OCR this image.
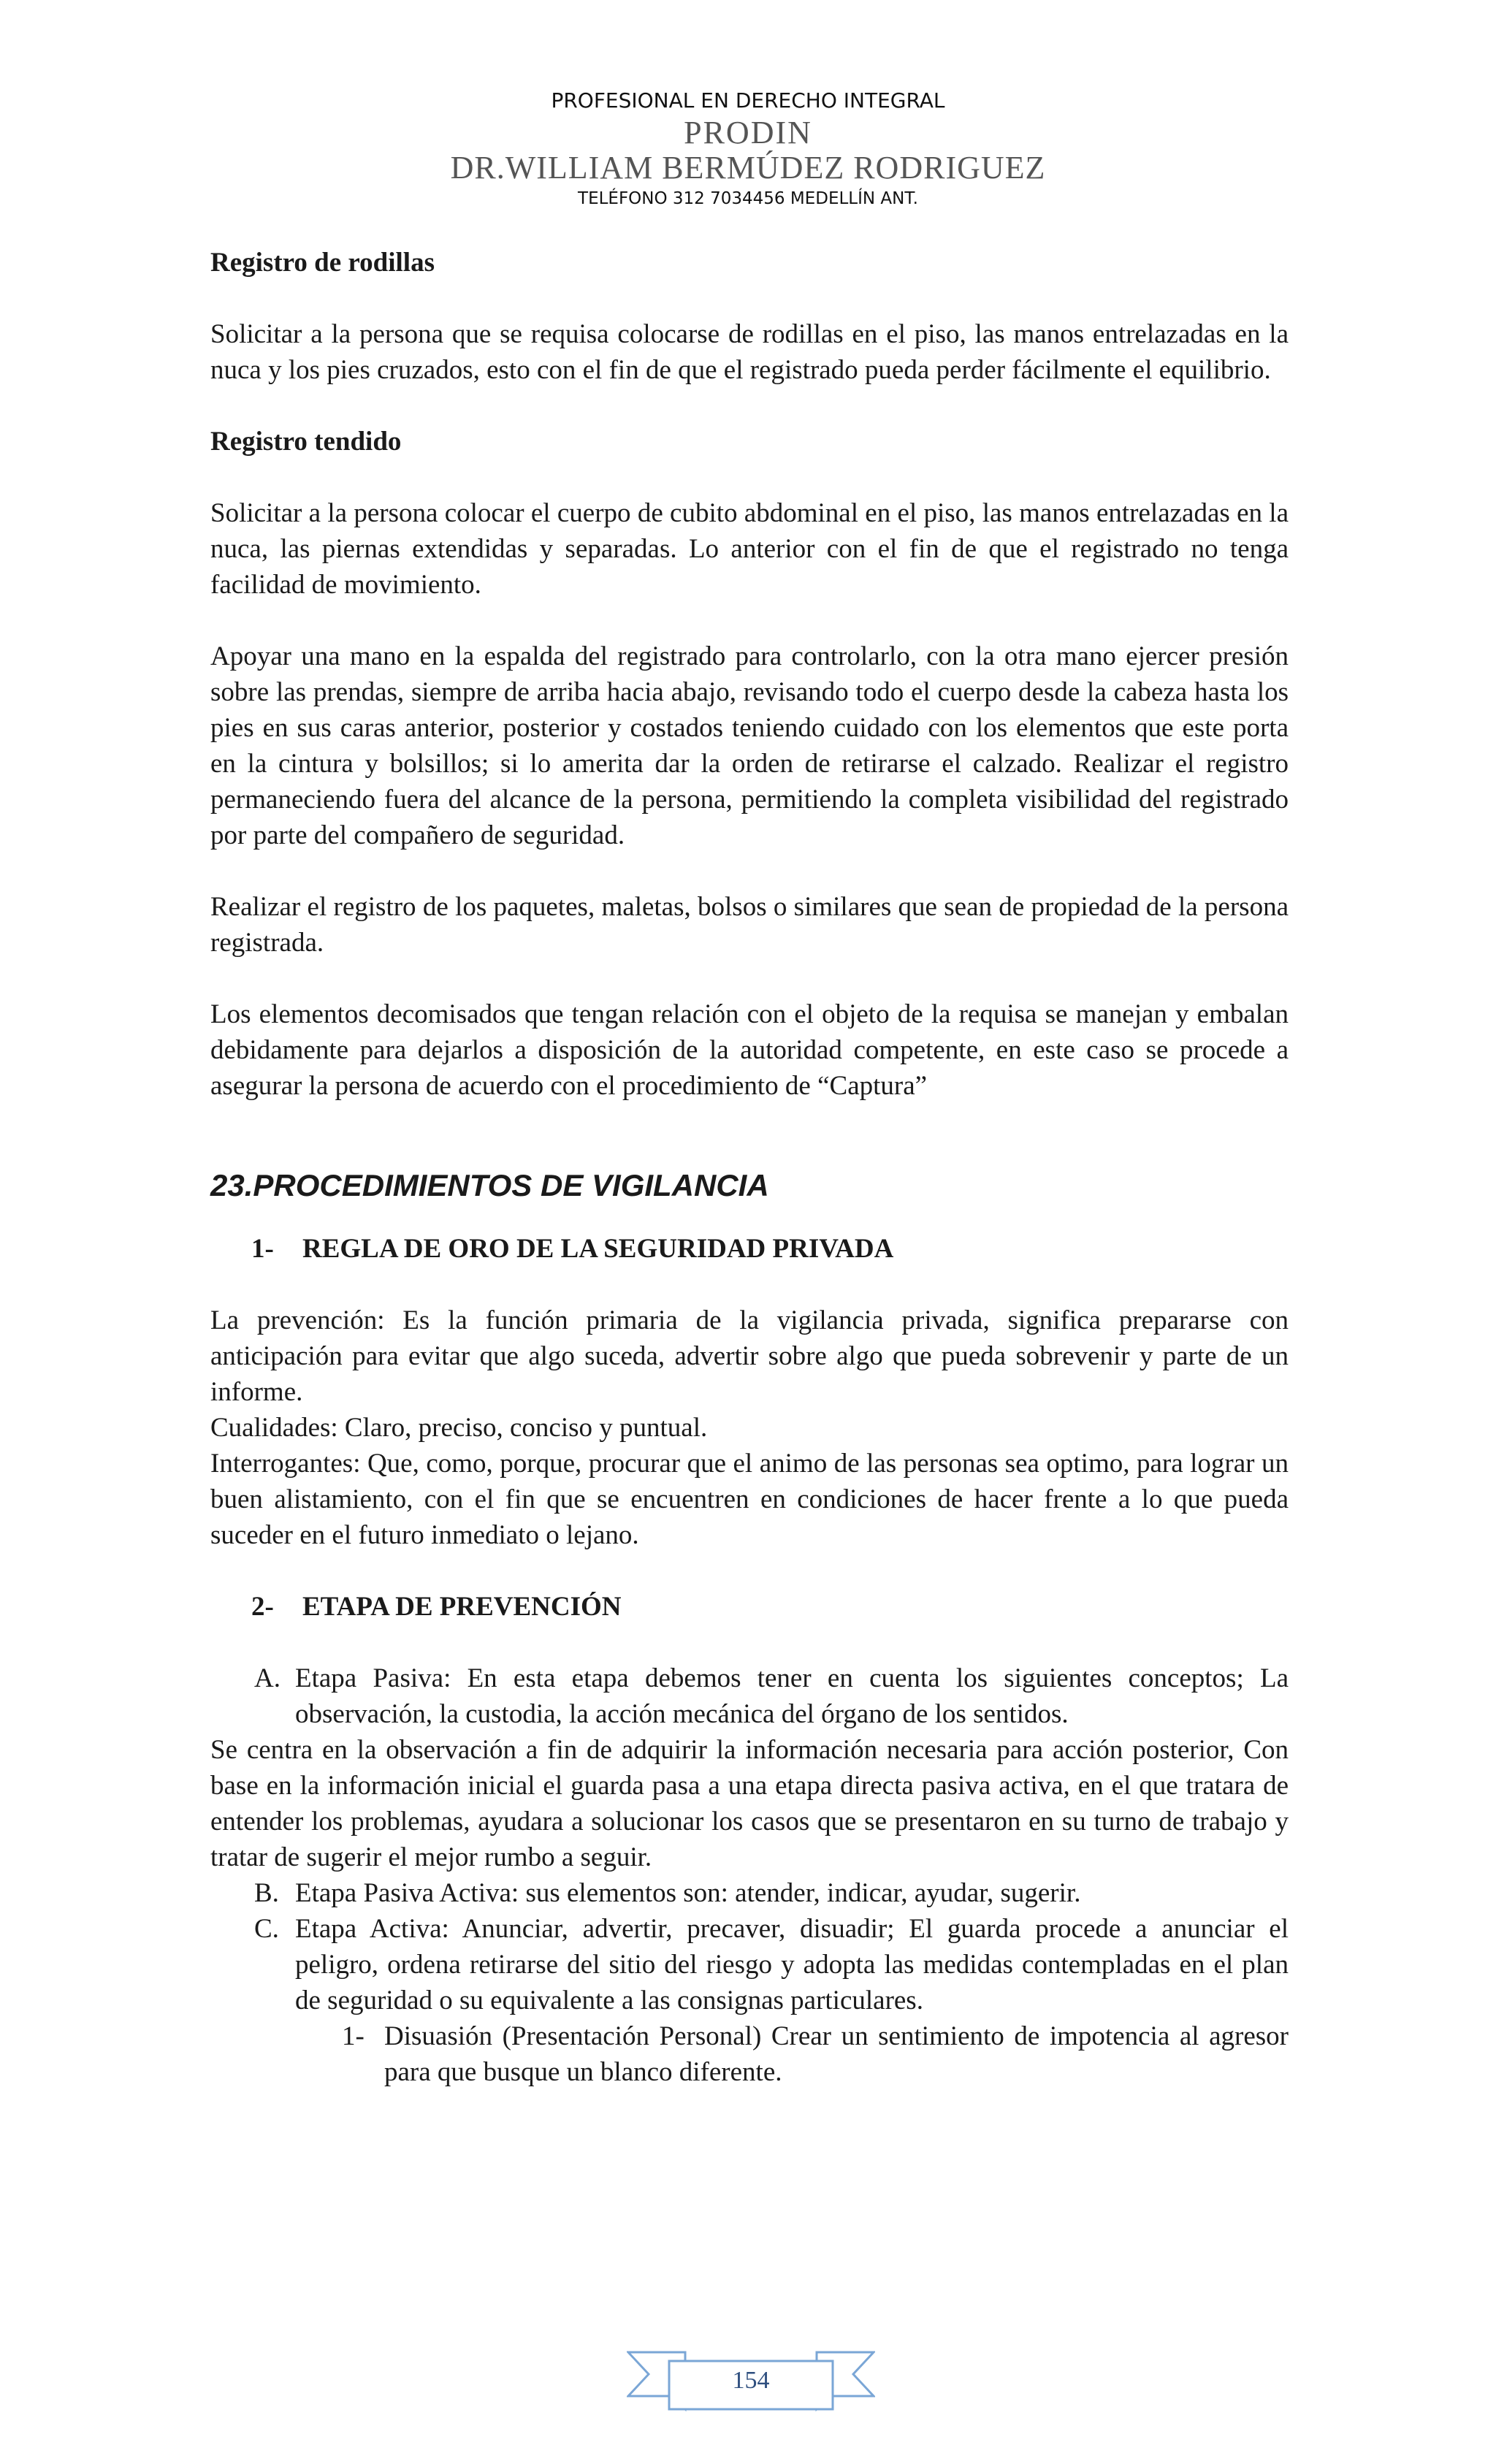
PROFESIONAL EN DERECHO INTEGRAL
PRODIN
DR.WILLIAM BERMÚDEZ RODRIGUEZ
TELÉFONO 312 7034456 MEDELLÍN ANT.

Registro de rodillas

Solicitar a la persona que se requisa colocarse de rodillas en el piso, las manos entrelazadas en la nuca y los pies cruzados, esto con el fin de que el registrado pueda perder fácilmente el equilibrio.

Registro tendido

Solicitar a la persona colocar el cuerpo de cubito abdominal en el piso, las manos entrelazadas en la nuca, las piernas extendidas y separadas. Lo anterior con el fin de que el registrado no tenga facilidad de movimiento.

Apoyar una mano en la espalda del registrado para controlarlo, con la otra mano ejercer presión sobre las prendas, siempre de arriba hacia abajo, revisando todo el cuerpo desde la cabeza hasta los pies en sus caras anterior, posterior y costados teniendo cuidado con los elementos que este porta en la cintura y bolsillos; si lo amerita dar la orden de retirarse el calzado. Realizar el registro permaneciendo fuera del alcance de la persona, permitiendo la completa visibilidad del registrado por parte del compañero de seguridad.

Realizar el registro de los paquetes, maletas, bolsos o similares que sean de propiedad de la persona registrada.

Los elementos decomisados que tengan relación con el objeto de la requisa se manejan y embalan debidamente para dejarlos a disposición de la autoridad competente, en este caso se procede a asegurar la persona de acuerdo con el procedimiento de “Captura”

23.PROCEDIMIENTOS DE VIGILANCIA

1- REGLA DE ORO DE LA SEGURIDAD PRIVADA

La prevención: Es la función primaria de la vigilancia privada, significa prepararse con anticipación para evitar que algo suceda, advertir sobre algo que pueda sobrevenir y parte de un informe.

Cualidades: Claro, preciso, conciso y puntual.

Interrogantes: Que, como, porque, procurar que el animo de las personas sea optimo, para lograr un buen alistamiento, con el fin que se encuentren en condiciones de hacer frente a lo que pueda suceder en el futuro inmediato o lejano.

2- ETAPA DE PREVENCIÓN

A. Etapa Pasiva: En esta etapa debemos tener en cuenta los siguientes conceptos; La observación, la custodia, la acción mecánica del órgano de los sentidos.

Se centra en la observación a fin de adquirir la información necesaria para acción posterior, Con base en la información inicial el guarda pasa a una etapa directa pasiva activa, en el que tratara de entender los problemas, ayudara a solucionar los casos que se presentaron en su turno de trabajo y tratar de sugerir el mejor rumbo a seguir.

B. Etapa Pasiva Activa: sus elementos son: atender, indicar, ayudar, sugerir.

C. Etapa Activa: Anunciar, advertir, precaver, disuadir; El guarda procede a anunciar el peligro, ordena retirarse del sitio del riesgo y adopta las medidas contempladas en el plan de seguridad o su equivalente a las consignas particulares.

1- Disuasión (Presentación Personal) Crear un sentimiento de impotencia al agresor para que busque un blanco diferente.

154
